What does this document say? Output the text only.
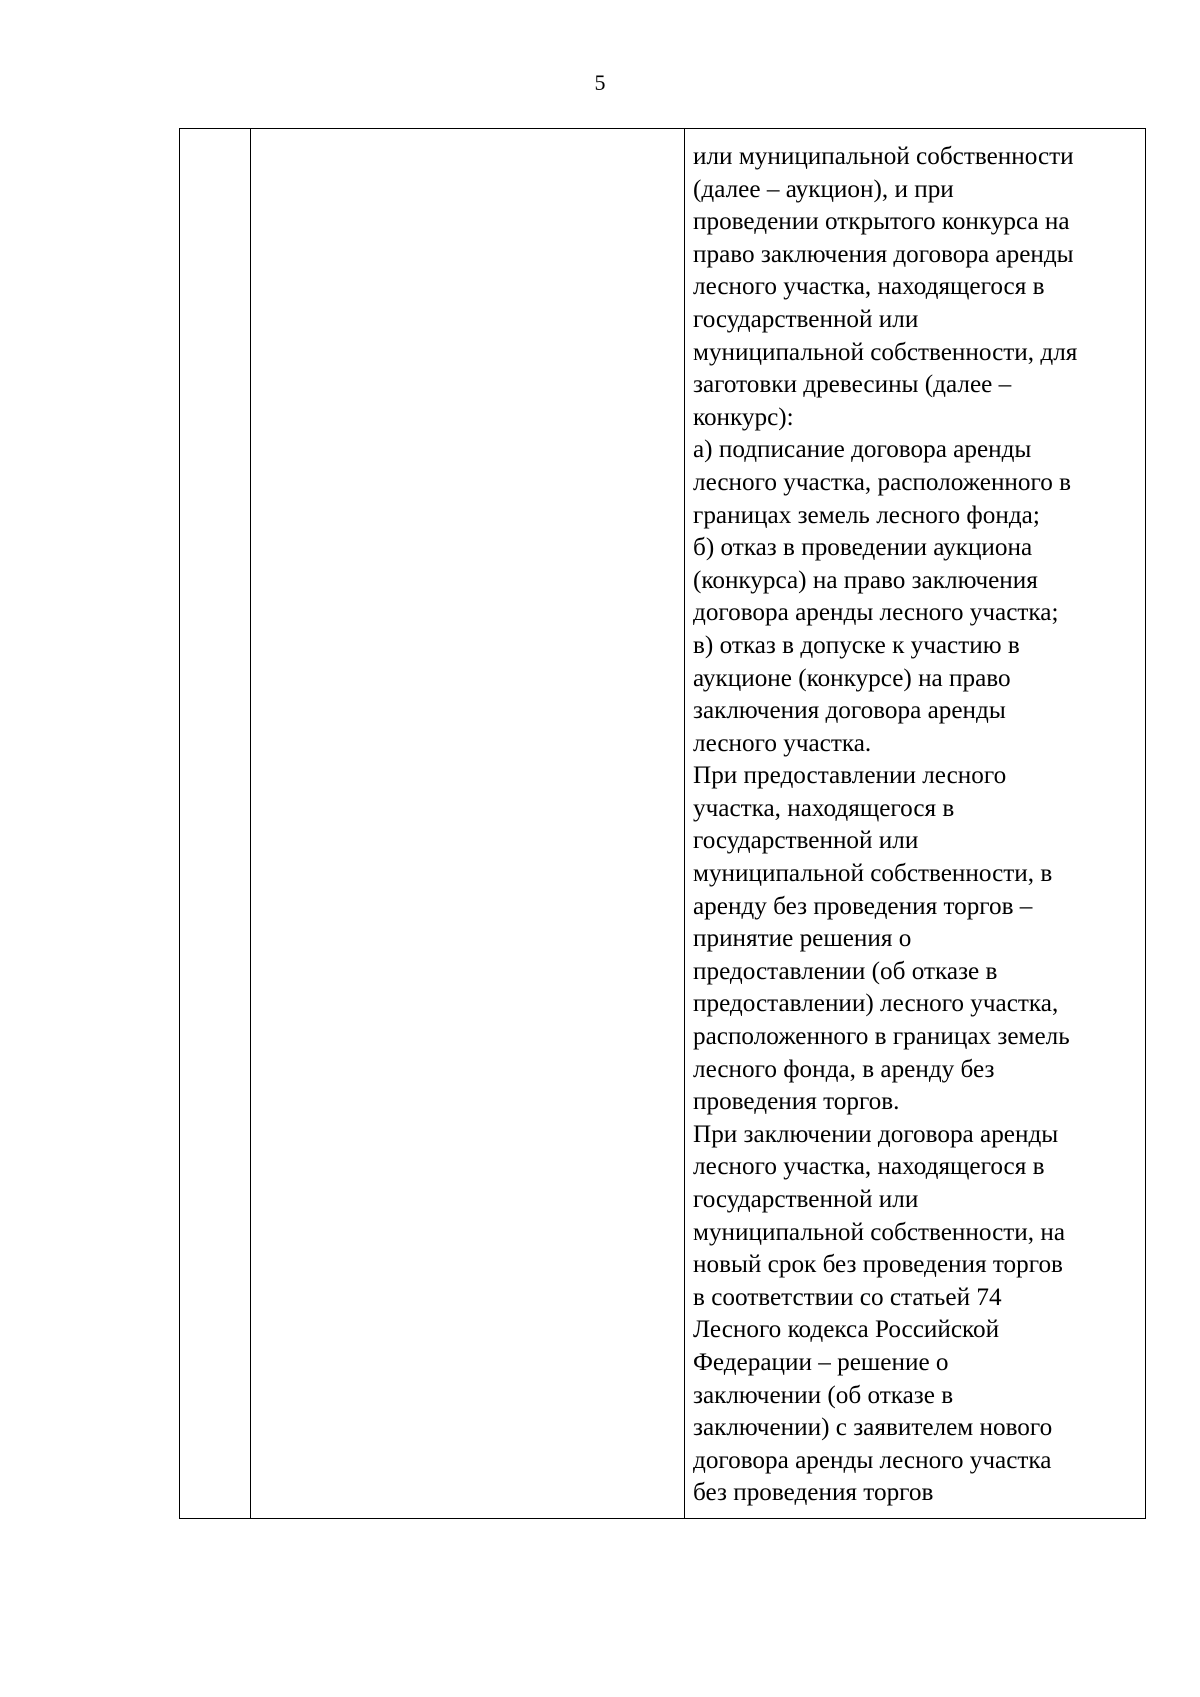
5

или муниципальной собственности
(далее – аукцион), и при
проведении открытого конкурса на
право заключения договора аренды
лесного участка, находящегося в
государственной или
муниципальной собственности, для
заготовки древесины (далее –
конкурс):
а) подписание договора аренды
лесного участка, расположенного в
границах земель лесного фонда;
б) отказ в проведении аукциона
(конкурса) на право заключения
договора аренды лесного участка;
в) отказ в допуске к участию в
аукционе (конкурсе) на право
заключения договора аренды
лесного участка.
При предоставлении лесного
участка, находящегося в
государственной или
муниципальной собственности, в
аренду без проведения торгов –
принятие решения о
предоставлении (об отказе в
предоставлении) лесного участка,
расположенного в границах земель
лесного фонда, в аренду без
проведения торгов.
При заключении договора аренды
лесного участка, находящегося в
государственной или
муниципальной собственности, на
новый срок без проведения торгов
в соответствии со статьей 74
Лесного кодекса Российской
Федерации – решение о
заключении (об отказе в
заключении) с заявителем нового
договора аренды лесного участка
без проведения торгов
